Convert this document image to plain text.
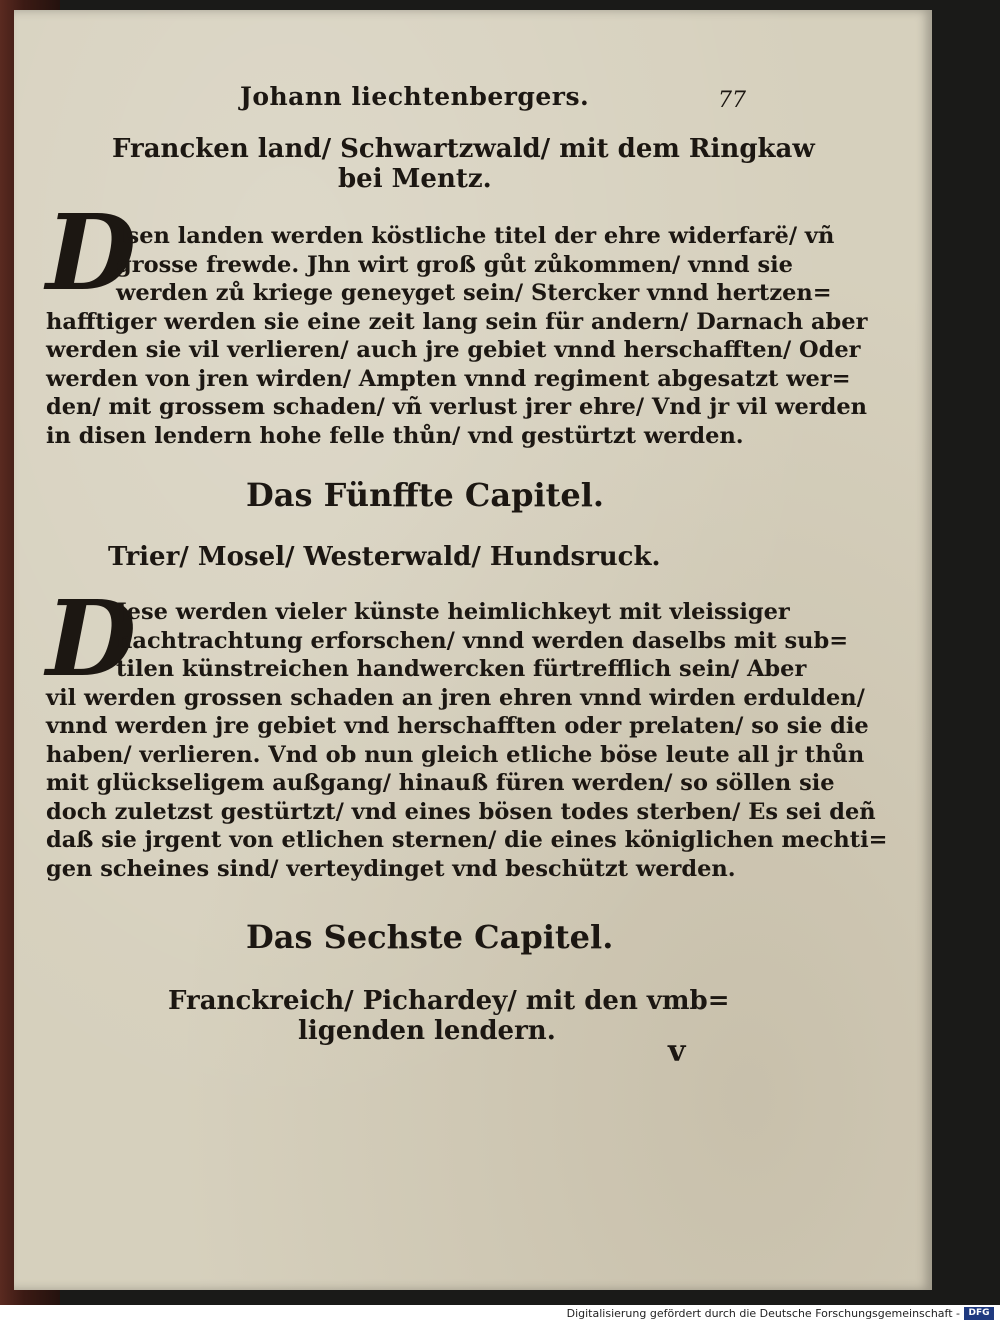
Johann liechtenbergers.	77
Francken land/ Schwartzwald/ mit dem Ringkaw
bei Mentz.
D
Isen landen werden köstliche titel der ehre widerfarë/ vñ
grosse frewde. Jhn wirt groß gůt zůkommen/ vnnd sie
werden zů kriege geneyget sein/ Stercker vnnd hertzen=
hafftiger werden sie eine zeit lang sein für andern/ Darnach aber
werden sie vil verlieren/ auch jre gebiet vnnd herschafften/ Oder
werden von jren wirden/ Ampten vnnd regiment abgesatzt wer=
den/ mit grossem schaden/ vñ verlust jrer ehre/ Vnd jr vil werden
in disen lendern hohe felle thůn/ vnd gestürtzt werden.
Das Fünffte Capitel.
Trier/ Mosel/ Westerwald/ Hundsruck.
D
Jese werden vieler künste heimlichkeyt mit vleissiger
nachtrachtung erforschen/ vnnd werden daselbs mit sub=
tilen künstreichen handwercken fürtrefflich sein/ Aber
vil werden grossen schaden an jren ehren vnnd wirden erdulden/
vnnd werden jre gebiet vnd herschafften oder prelaten/ so sie die
haben/ verlieren. Vnd ob nun gleich etliche böse leute all jr thůn
mit glückseligem außgang/ hinauß füren werden/ so söllen sie
doch zuletzst gestürtzt/ vnd eines bösen todes sterben/ Es sei deñ
daß sie jrgent von etlichen sternen/ die eines königlichen mechti=
gen scheines sind/ verteydinget vnd beschützt werden.
Das Sechste Capitel.
Franckreich/ Pichardey/ mit den vmb=
ligenden lendern.
v
Digitalisierung gefördert durch die Deutsche Forschungsgemeinschaft - DFG
